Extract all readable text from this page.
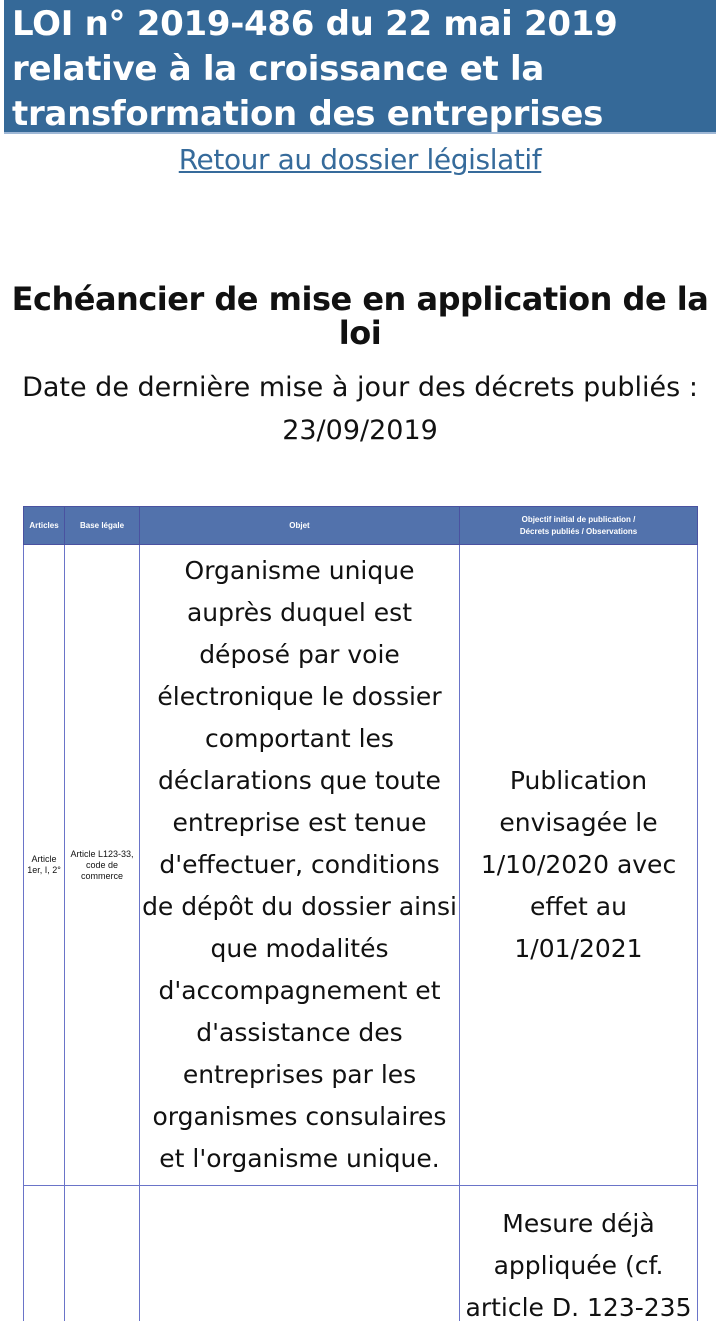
LOI n° 2019-486 du 22 mai 2019 relative à la croissance et la transformation des entreprises
Retour au dossier législatif
Echéancier de mise en application de la loi
Date de dernière mise à jour des décrets publiés :
23/09/2019
Articles	Base légale	Objet	Objectif initial de publication /
Décrets publiés / Observations

Article 1er, I, 2°	Article L123-33, code de commerce	Organisme unique auprès duquel est déposé par voie électronique le dossier comportant les déclarations que toute entreprise est tenue d'effectuer, conditions de dépôt du dossier ainsi que modalités d'accompagnement et d'assistance des entreprises par les organismes consulaires et l'organisme unique.	Publication envisagée le 1/10/2020 avec effet au 1/01/2021
			Mesure déjà appliquée (cf. article D. 123-235
